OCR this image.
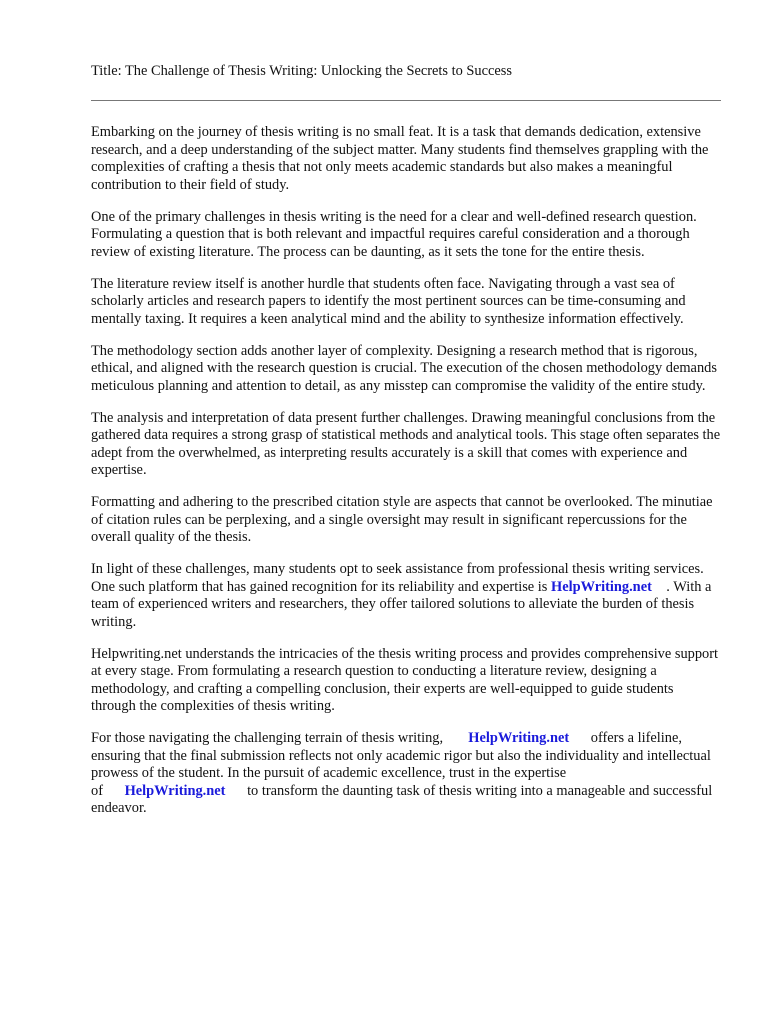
Title: The Challenge of Thesis Writing: Unlocking the Secrets to Success

Embarking on the journey of thesis writing is no small feat. It is a task that demands dedication, extensive research, and a deep understanding of the subject matter. Many students find themselves grappling with the complexities of crafting a thesis that not only meets academic standards but also makes a meaningful contribution to their field of study.

One of the primary challenges in thesis writing is the need for a clear and well-defined research question. Formulating a question that is both relevant and impactful requires careful consideration and a thorough review of existing literature. The process can be daunting, as it sets the tone for the entire thesis.

The literature review itself is another hurdle that students often face. Navigating through a vast sea of scholarly articles and research papers to identify the most pertinent sources can be time-consuming and mentally taxing. It requires a keen analytical mind and the ability to synthesize information effectively.

The methodology section adds another layer of complexity. Designing a research method that is rigorous, ethical, and aligned with the research question is crucial. The execution of the chosen methodology demands meticulous planning and attention to detail, as any misstep can compromise the validity of the entire study.

The analysis and interpretation of data present further challenges. Drawing meaningful conclusions from the gathered data requires a strong grasp of statistical methods and analytical tools. This stage often separates the adept from the overwhelmed, as interpreting results accurately is a skill that comes with experience and expertise.

Formatting and adhering to the prescribed citation style are aspects that cannot be overlooked. The minutiae of citation rules can be perplexing, and a single oversight may result in significant repercussions for the overall quality of the thesis.

In light of these challenges, many students opt to seek assistance from professional thesis writing services. One such platform that has gained recognition for its reliability and expertise is HelpWriting.net . With a team of experienced writers and researchers, they offer tailored solutions to alleviate the burden of thesis writing.

Helpwriting.net understands the intricacies of the thesis writing process and provides comprehensive support at every stage. From formulating a research question to conducting a literature review, designing a methodology, and crafting a compelling conclusion, their experts are well-equipped to guide students through the complexities of thesis writing.

For those navigating the challenging terrain of thesis writing, HelpWriting.net offers a lifeline, ensuring that the final submission reflects not only academic rigor but also the individuality and intellectual prowess of the student. In the pursuit of academic excellence, trust in the expertise of HelpWriting.net to transform the daunting task of thesis writing into a manageable and successful endeavor.
